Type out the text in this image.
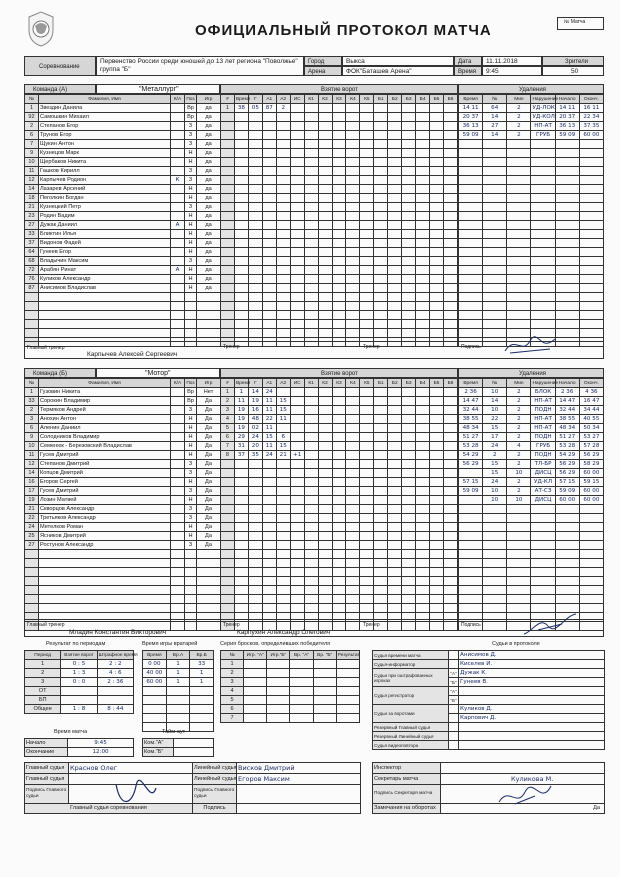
ОФИЦИАЛЬНЫЙ ПРОТОКОЛ МАТЧА	№ Матча
Соревнование
Первенство России среди юношей до 13 лет региона "Поволжье" группа "Б"
Город	Выкса
Арена	ФОК"Баташев Арена"
Дата 11.11.2018
Время 9:45
Зрители
50
Команда (А)	"Металлург"	Взятие ворот	Удаления
№	Фамилия, Имя	К/А	Поз	Игр
1	Звездин Данила		Вр	да
92	Самошкин Михаил		Вр	да
2	Степанов Егор		З	да
6	Трунов Егор		З	да
7	Щукин Антон		З	да
9	Кузнецов Марк		Н	да
10	Щербаков Никита		Н	да
11	Гашков Кирилл		З	да
12	Карпычев Родион	К	З	да
14	Лазарев Арсений		Н	да
18	Пеголкин Богдан		Н	да
21	Кузнецкий Петр		З	да
23	Родин Вадим		Н	да
27	Дужак Даниил	А	Н	да
33	Бликтин Илья		Н	да
37	Видонов Фадей		Н	да
64	Гунеев Егор		Н	да
68	Владычин Максим		З	да
72	Арабян Ринат	А	Н	да
76	Куликов Александр		Н	да
87	Анисимов Владислав		Н	да

#	Время	Г	А1	А2	ИС	К1	К2	К3	К4	К5	Б1	Б2	Б3	Б4	Б5	Б6
1	38	05	87	2												

Время	№	Мин	Нарушение	Начало	Оконч.
14 11	64	2	УД-ЛОК	14 11	16 11
20 37	14	2	УД-КОЛ	20 37	22 34
36 13	27	2	НП-АТ	36 13	37 35
59 09	14	2	ГРУБ	59 09	60 00

Главный тренер
Карпычев Алексей Сергеевич
Тренер	Тренер	Подпись
Команда (Б)	"Мотор"	Взятие ворот	Удаления
№	Фамилия, Имя	К/А	Поз	Игр
1	Гузовин Никита		Вр	Нет
33	Сорокин Владимир		Вр	Да
2	Термяков Андрей		З	Да
3	Анохин Антон		Н	Да
6	Аленин Даниил		Н	Да
9	Солодников Владимир		Н	Да
10	Семенюк - Березовский Владислав		Н	Да
11	Гусев Дмитрий		Н	Да
12	Степанов Дмитрий		З	Да
14	Копцов Дмитрий		З	Да
16	Егоров Сергей		Н	Да
17	Гусев Дмитрий		З	Да
19	Лозин Матвей		Н	Да
21	Скворцов Александр		З	Да
22	Третьяков Александр		З	Да
24	Метелков Роман		Н	Да
25	Ясников Дмитрий		Н	Да
27	Ростунов Александр		З	Да

#	Время	Г	А1	А2	ИС	К1	К2	К3	К4	К5	Б1	Б2	Б3	Б4	Б5	Б6
1	1	14	24													
2	11	19	11	15												
3	19	16	11	15												
4	19	48	22	11												
5	19	02	11													
6	29	24	15	6												
7	31	20	11	15												
8	37	35	24	21	+1											

Время	№	Мин	Нарушение	Начало	Оконч.
2 36	10	2	БЛОК	2 36	4 36
14 47	14	2	НП-АТ	14 47	16 47
32 44	10	2	ПОДН	32 44	34 44
38 55	22	2	НП-АТ	38 55	40 55
48 34	15	2	НП-АТ	48 34	50 34
51 27	17	2	ПОДН	51 27	53 27
53 28	24	4	ГРУБ	53 28	57 28
54 29	2	2	ПОДН	54 29	56 29
56 29	15	2	ТЛ-БР	56 29	58 29
	15	10	ДИСЦ	56 29	60 00
57 15	24	2	УД-КЛ	57 15	59 15
59 09	10	2	АТ-СЗ	59 09	60 00
	10	10	ДИСЦ	60 00	60 00

Главный тренер
Младин Константин Викторович
Тренер
Карпухин Александр Олегович
Тренер	Подпись
Результат по периодам
Период	Взятие ворот	Штрафное время
1	0 : 5	2 : 2
2	1 : 3	4 : 6
3	0 : 0	2 : 36
ОТ		
БП		
Общее	1 : 8	8 : 44
Время игры вратарей
Время	Вр.А	Вр.Б
0 00	1	33
40 00	1	1
60 00	1	1

Время матча
Начало	9:45
Окончание	12:00
Тайм-аут
Ком."А"	
Ком."Б"	
Серия бросков, определивших победителя
№	Игр. "А"	Игр."Б"	Вр. "А"	Вр. "Б"	Результат
1					
2					
3					
4					
5					
6					
7					
Судьи в протоколе
Судья времени матча		Анисимов Д.
Судья-информатор		Киселев И.
Судьи при оштрафованных игроках	"А"	Дужак К.
	"Б"	Гунеев В.
Судья регистратор	"А"	
	"Б"	
Судьи за воротами		Куликов Д.
		Карпович Д.
Резервный Главный судья		
Резервный Линейный судья		
Судья видеоповтора		
Главный судья	Краснов Олег	Линейный судья	Висков Дмитрий
Главный судья		Линейный судья	Егоров Максим
Подпись Главного судьи		Подпись Главного судьи	
Главный судья соревнования		Подпись	
Инспектор	
Секретарь матча	Куликова М.
Подпись Секретаря матча	
Замечания на оборотах	Да
